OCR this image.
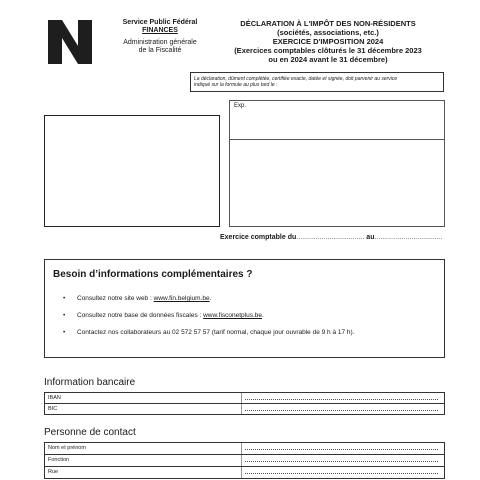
Service Public Fédéral
FINANCES
Administration générale
de la Fiscalité
DÉCLARATION À L'IMPÔT DES NON-RÉSIDENTS
(sociétés, associations, etc.)
EXERCICE D'IMPOSITION 2024
(Exercices comptables clôturés le 31 décembre 2023
ou en 2024 avant le 31 décembre)
La déclaration, dûment complétée, certifiée exacte, datée et signée, doit parvenir au service
indiqué sur la formule au plus tard le :
Exp.
Exercice comptable du................................... au...................................
Besoin d’informations complémentaires ?
• Consultez notre site web : www.fin.belgium.be.
• Consultez notre base de données fiscales : www.fisconetplus.be.
• Contactez nos collaborateurs au 02 572 57 57 (tarif normal, chaque jour ouvrable de 9 h à 17 h).
Information bancaire
IBAN
BIC
Personne de contact
Nom et prénom
Fonction
Rue
